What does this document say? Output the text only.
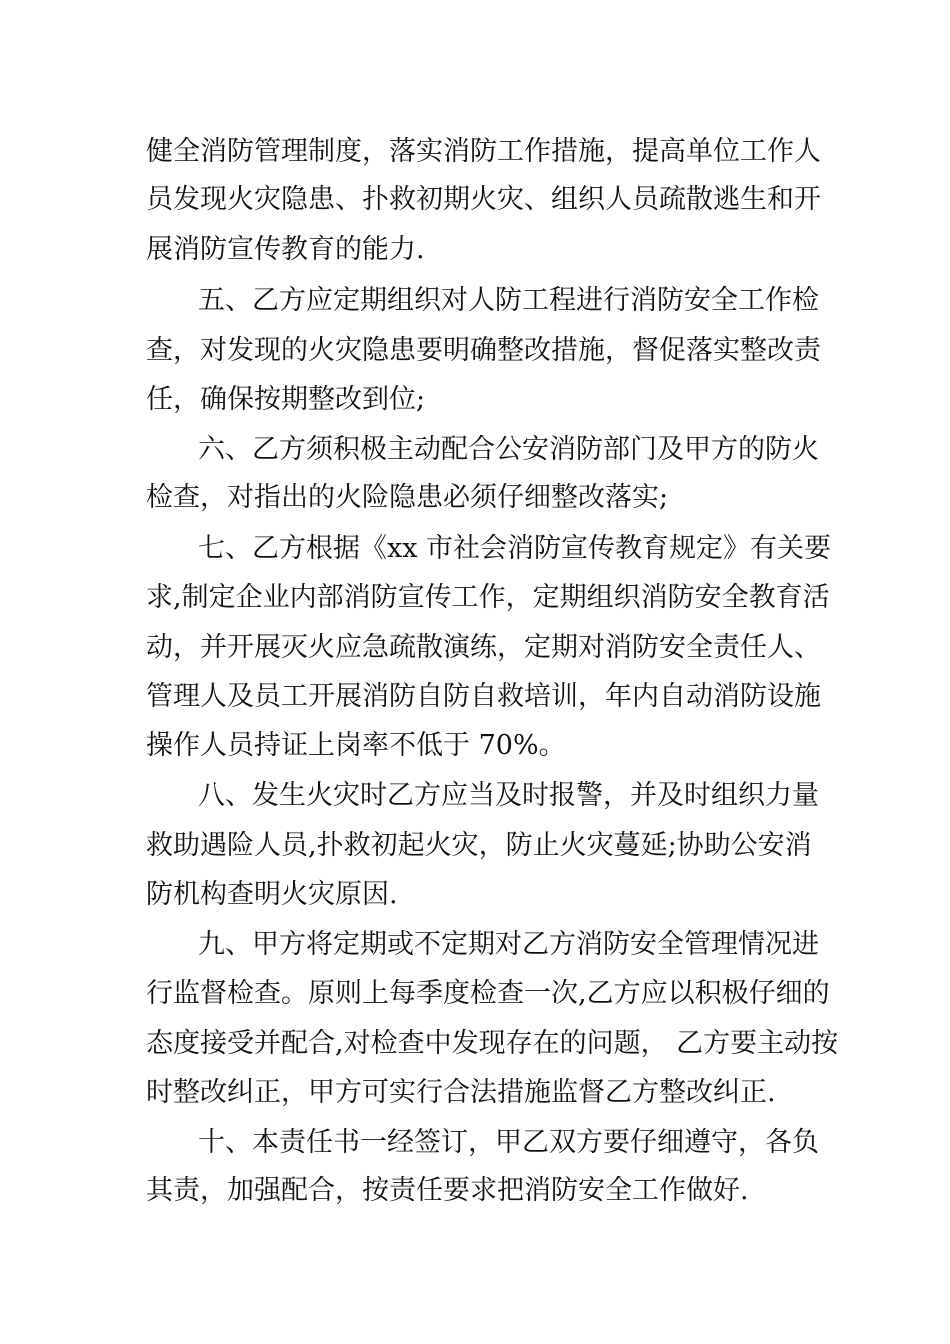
健全消防管理制度，落实消防工作措施，提高单位工作人
员发现火灾隐患、扑救初期火灾、组织人员疏散逃生和开
展消防宣传教育的能力.
五、乙方应定期组织对人防工程进行消防安全工作检
查，对发现的火灾隐患要明确整改措施，督促落实整改责
任，确保按期整改到位;
六、乙方须积极主动配合公安消防部门及甲方的防火
检查，对指出的火险隐患必须仔细整改落实;
七、乙方根据《xx 市社会消防宣传教育规定》有关要
求,制定企业内部消防宣传工作，定期组织消防安全教育活
动，并开展灭火应急疏散演练，定期对消防安全责任人、
管理人及员工开展消防自防自救培训，年内自动消防设施
操作人员持证上岗率不低于 70%。
八、发生火灾时乙方应当及时报警，并及时组织力量
救助遇险人员,扑救初起火灾，防止火灾蔓延;协助公安消
防机构查明火灾原因.
九、甲方将定期或不定期对乙方消防安全管理情况进
行监督检查。原则上每季度检查一次,乙方应以积极仔细的
态度接受并配合,对检查中发现存在的问题， 乙方要主动按
时整改纠正，甲方可实行合法措施监督乙方整改纠正.
十、本责任书一经签订，甲乙双方要仔细遵守，各负
其责，加强配合，按责任要求把消防安全工作做好.
